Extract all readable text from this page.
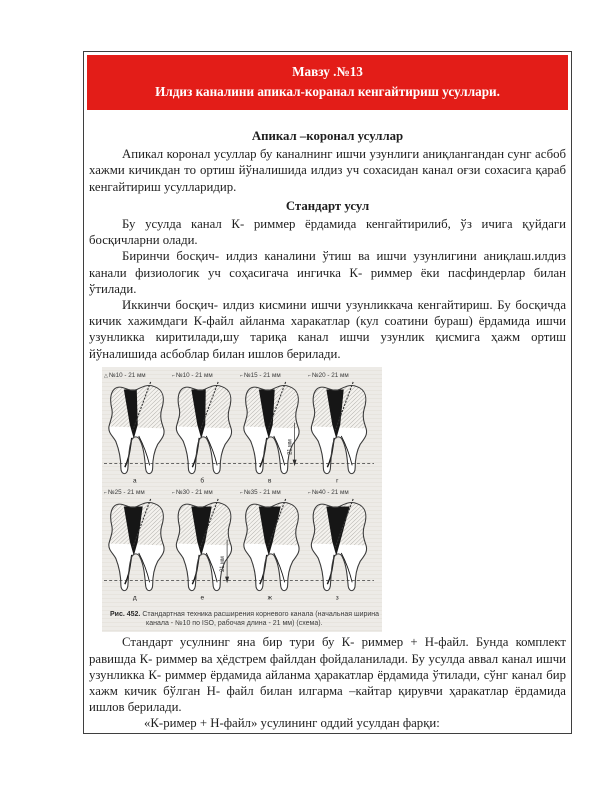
Мавзу .№13
Илдиз каналини апикал-коранал кенгайтириш усуллари.
Апикал –коронал усуллар

Апикал коронал усуллар бу каналнинг ишчи узунлиги аниқлангандан сунг асбоб хажми кичикдан то ортиш йўналишида илдиз уч сохасидан канал оғзи сохасига қараб кенгайтириш усулларидир.

Стандарт усул

Бу усулда канал К- риммер ёрдамида кенгайтирилиб, ўз ичига қуйдаги босқичларни олади.

Биринчи босқич- илдиз каналини ўтиш ва ишчи узунлигини аниқлаш.илдиз канали физиологик уч соҳасигача ингичка К- риммер ёки пасфиндерлар билан ўтилади.

Иккинчи босқич- илдиз кисмини ишчи узунликкача кенгайтириш. Бу босқичда кичик хажимдаги К-файл айланма харакатлар (кул соатини бураш) ёрдамида ишчи узунликка киритилади,шу тариқа канал ишчи узунлик қисмига ҳажм ортиш йўналишида асбоблар билан ишлов берилади.

△№10 - 21 мм	⌐№10 - 21 мм	⌐№15 - 21 мм	⌐№20 - 21 мм
а	б	в	г
21 мм
⌐№25 - 21 мм	⌐№30 - 21 мм	⌐№35 - 21 мм	⌐№40 - 21 мм
д	е	ж	з
21 мм
Рис. 452. Стандартная техника расширения корневого канала (начальная ширина канала - №10 по ISO, рабочая длина - 21 мм) (схема).

Стандарт усулнинг яна бир тури бу К- риммер + Н-файл. Бунда комплект равишда К- риммер ва ҳёдстрем файлдан фойдаланилади. Бу усулда аввал канал ишчи узунликка К- риммер ёрдамида айланма ҳаракатлар ёрдамида ўтилади, сўнг канал бир хажм кичик бўлган Н- файл билан илгарма –кайтар қирувчи ҳаракатлар ёрдамида ишлов берилади.

«К-ример + Н-файл» усулининг оддий усулдан фарқи:
